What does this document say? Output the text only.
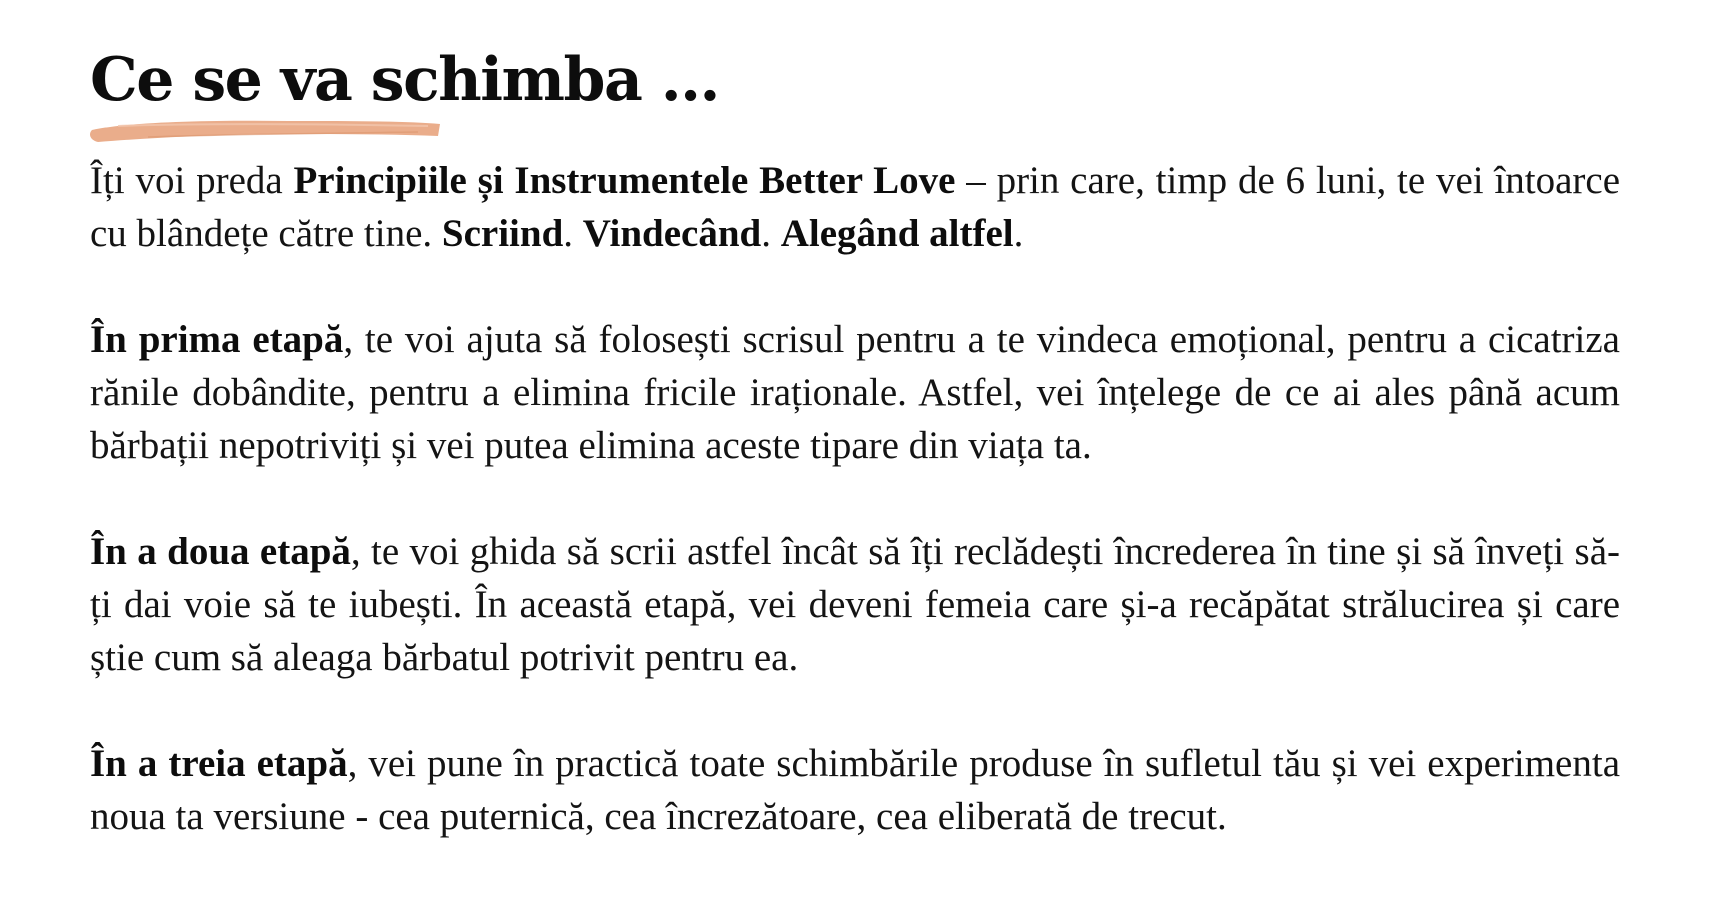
Ce se va schimba ...

Îți voi preda Principiile și Instrumentele Better Love – prin care, timp de 6 luni, te vei întoarce cu blândețe către tine. Scriind. Vindecând. Alegând altfel.

În prima etapă, te voi ajuta să folosești scrisul pentru a te vindeca emoțional, pentru a cicatriza rănile dobândite, pentru a elimina fricile iraționale. Astfel, vei înțelege de ce ai ales până acum bărbații nepotriviți și vei putea elimina aceste tipare din viața ta.

În a doua etapă, te voi ghida să scrii astfel încât să îți reclădești încrederea în tine și să înveți să-ți dai voie să te iubești. În această etapă, vei deveni femeia care și-a recăpătat strălucirea și care știe cum să aleaga bărbatul potrivit pentru ea.

În a treia etapă, vei pune în practică toate schimbările produse în sufletul tău și vei experimenta noua ta versiune - cea puternică, cea încrezătoare, cea eliberată de trecut.
